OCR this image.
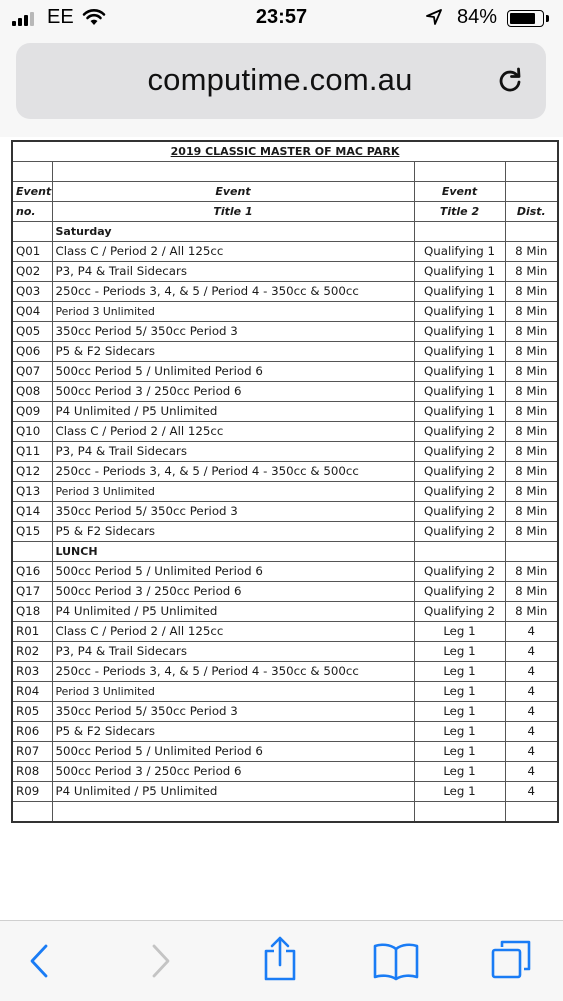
EE	23:57	84%
computime.com.au
2019 CLASSIC MASTER OF MAC PARK			

Event	Event	Event	
no.	Title 1	Title 2	Dist.
	Saturday		
Q01	Class C / Period 2 / All 125cc	Qualifying 1	8 Min
Q02	P3, P4 & Trail Sidecars	Qualifying 1	8 Min
Q03	250cc - Periods 3, 4, & 5 / Period 4 - 350cc & 500cc	Qualifying 1	8 Min
Q04	Period 3 Unlimited	Qualifying 1	8 Min
Q05	350cc Period 5/ 350cc Period 3	Qualifying 1	8 Min
Q06	P5 & F2 Sidecars	Qualifying 1	8 Min
Q07	500cc Period 5 / Unlimited Period 6	Qualifying 1	8 Min
Q08	500cc Period 3 / 250cc Period 6	Qualifying 1	8 Min
Q09	P4 Unlimited / P5 Unlimited	Qualifying 1	8 Min
Q10	Class C / Period 2 / All 125cc	Qualifying 2	8 Min
Q11	P3, P4 & Trail Sidecars	Qualifying 2	8 Min
Q12	250cc - Periods 3, 4, & 5 / Period 4 - 350cc & 500cc	Qualifying 2	8 Min
Q13	Period 3 Unlimited	Qualifying 2	8 Min
Q14	350cc Period 5/ 350cc Period 3	Qualifying 2	8 Min
Q15	P5 & F2 Sidecars	Qualifying 2	8 Min
	LUNCH		
Q16	500cc Period 5 / Unlimited Period 6	Qualifying 2	8 Min
Q17	500cc Period 3 / 250cc Period 6	Qualifying 2	8 Min
Q18	P4 Unlimited / P5 Unlimited	Qualifying 2	8 Min
R01	Class C / Period 2 / All 125cc	Leg 1	4
R02	P3, P4 & Trail Sidecars	Leg 1	4
R03	250cc - Periods 3, 4, & 5 / Period 4 - 350cc & 500cc	Leg 1	4
R04	Period 3 Unlimited	Leg 1	4
R05	350cc Period 5/ 350cc Period 3	Leg 1	4
R06	P5 & F2 Sidecars	Leg 1	4
R07	500cc Period 5 / Unlimited Period 6	Leg 1	4
R08	500cc Period 3 / 250cc Period 6	Leg 1	4
R09	P4 Unlimited / P5 Unlimited	Leg 1	4
